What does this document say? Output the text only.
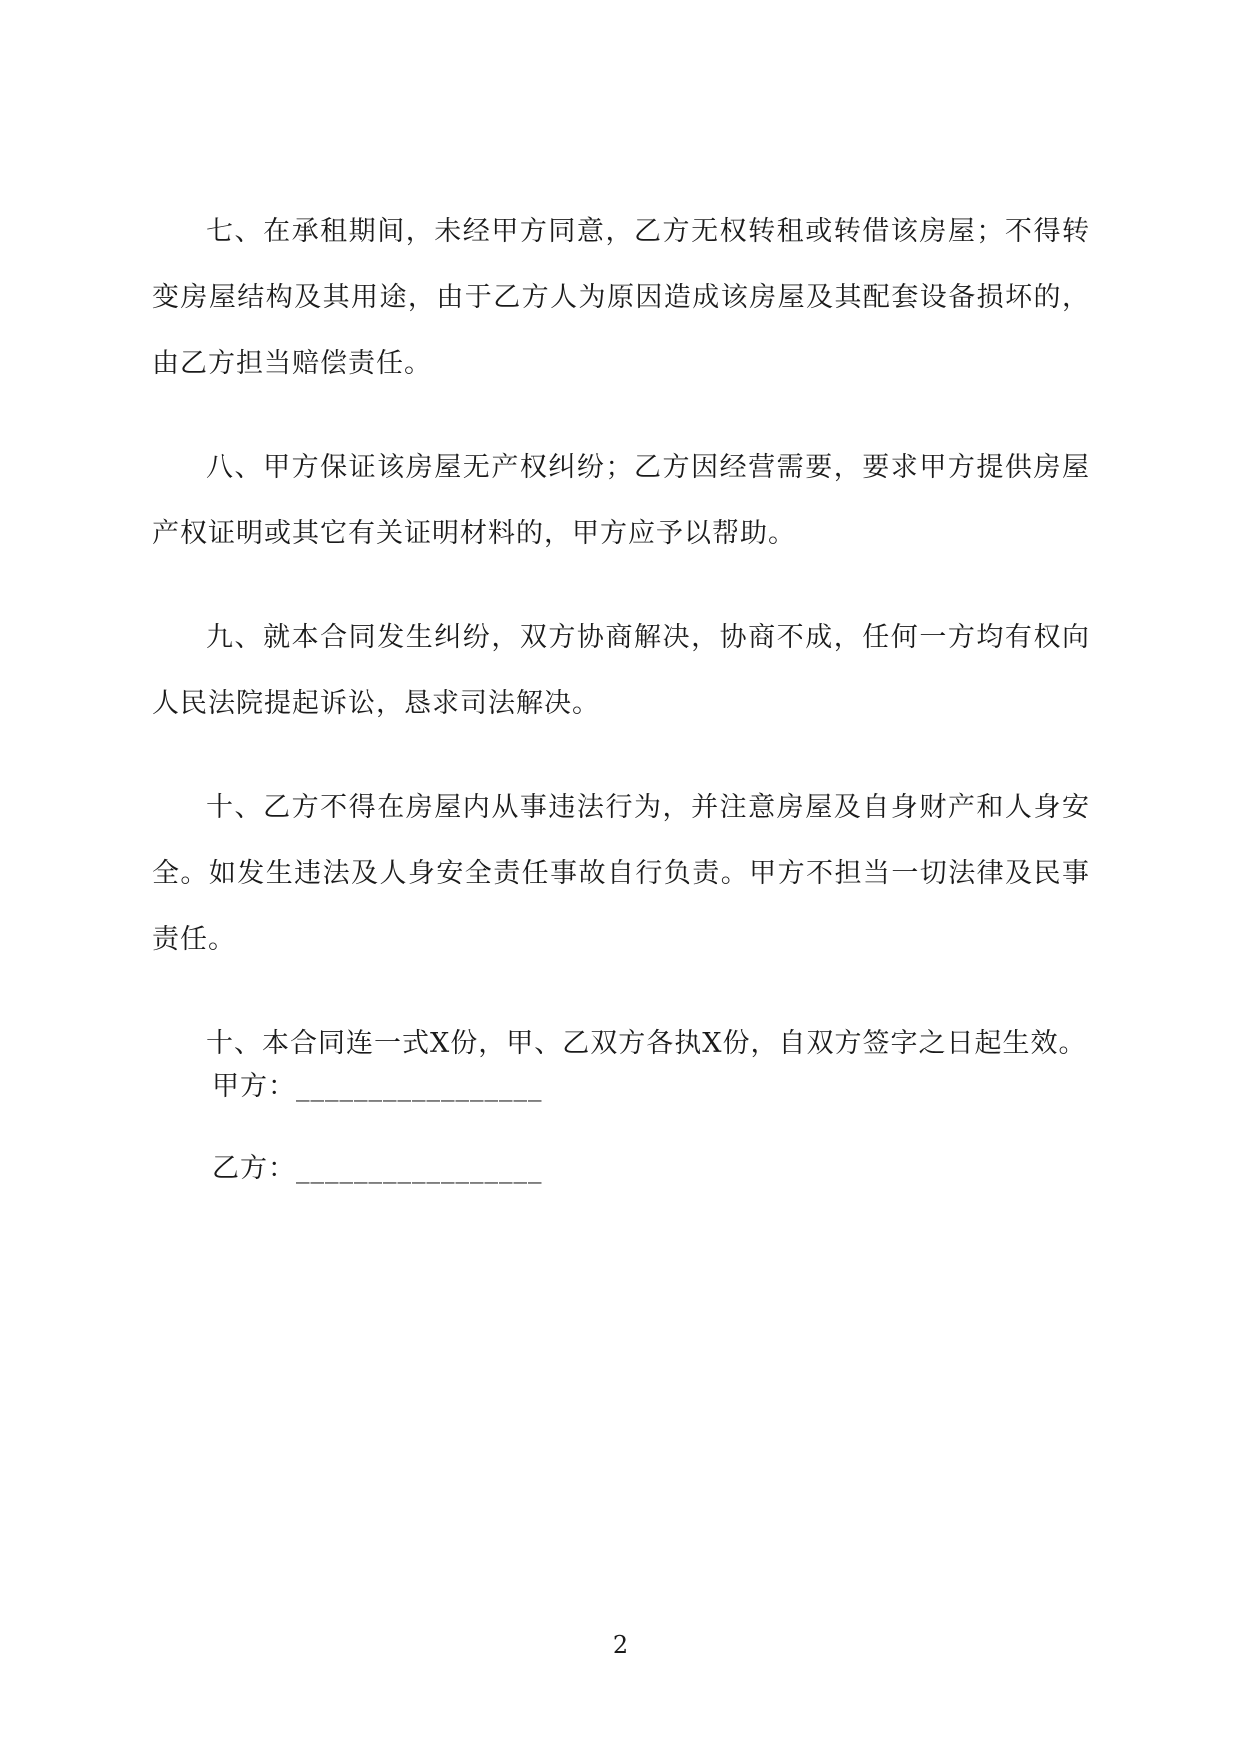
七、在承租期间，未经甲方同意，乙方无权转租或转借该房屋；不得转变房屋结构及其用途，由于乙方人为原因造成该房屋及其配套设备损坏的，由乙方担当赔偿责任。

八、甲方保证该房屋无产权纠纷；乙方因经营需要，要求甲方提供房屋产权证明或其它有关证明材料的，甲方应予以帮助。

九、就本合同发生纠纷，双方协商解决，协商不成，任何一方均有权向人民法院提起诉讼，恳求司法解决。

十、乙方不得在房屋内从事违法行为，并注意房屋及自身财产和人身安全。如发生违法及人身安全责任事故自行负责。甲方不担当一切法律及民事责任。

十、本合同连一式X份，甲、乙双方各执X份，自双方签字之日起生效。

甲方：_________________
乙方：_________________
2
